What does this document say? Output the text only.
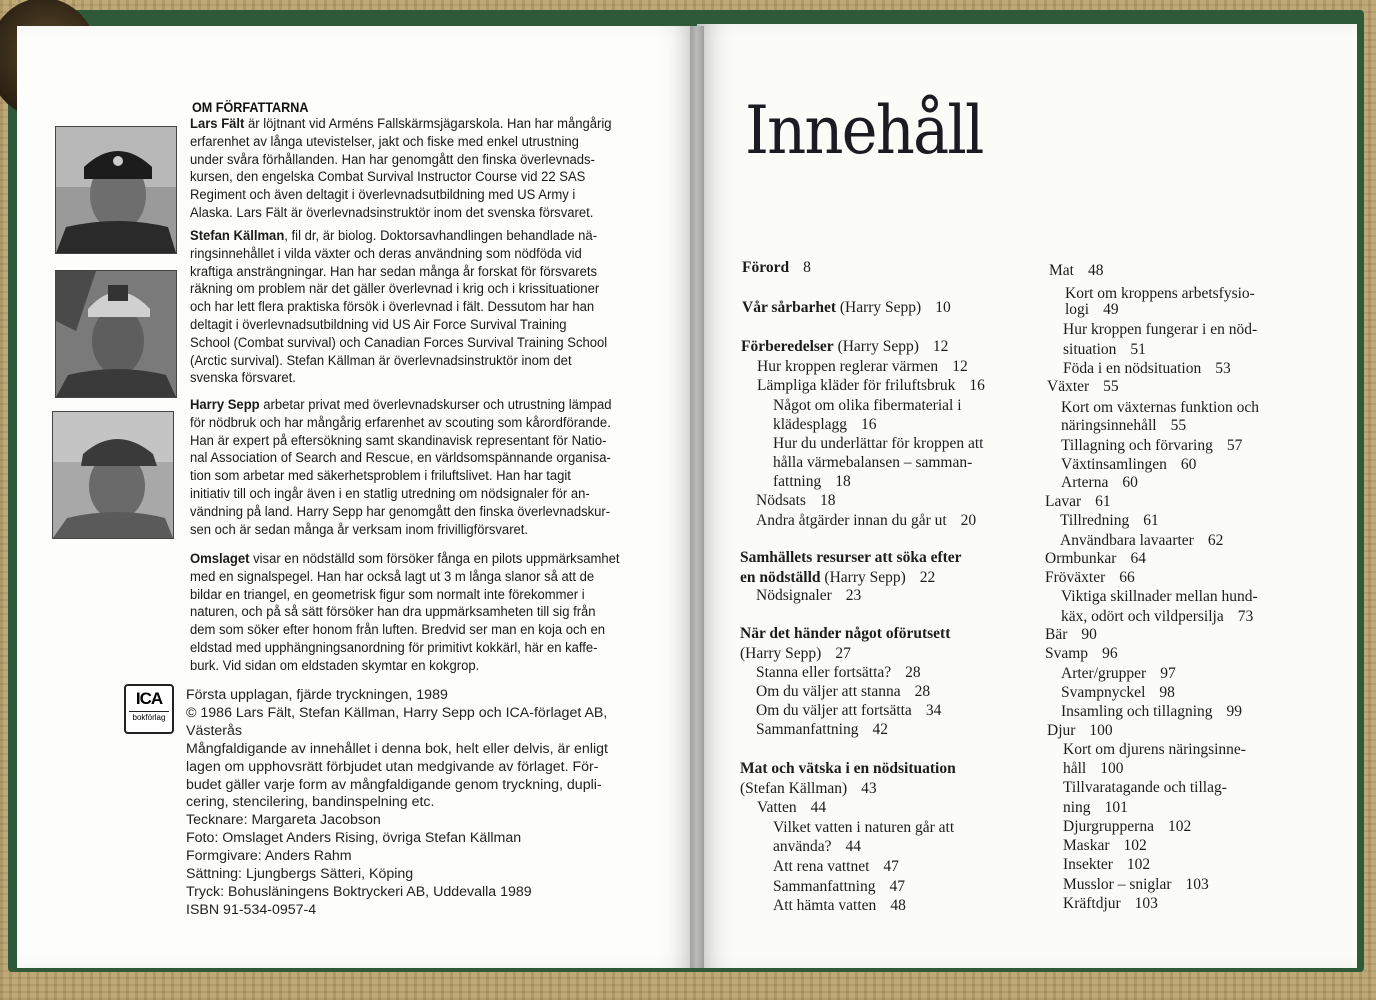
OM FÖRFATTARNA
Lars Fält är löjtnant vid Arméns Fallskärmsjägarskola. Han har mångårig
erfarenhet av långa utevistelser, jakt och fiske med enkel utrustning
under svåra förhållanden. Han har genomgått den finska överlevnads-
kursen, den engelska Combat Survival Instructor Course vid 22 SAS
Regiment och även deltagit i överlevnadsutbildning med US Army i
Alaska. Lars Fält är överlevnadsinstruktör inom det svenska försvaret.
Stefan Källman, fil dr, är biolog. Doktorsavhandlingen behandlade nä-
ringsinnehållet i vilda växter och deras användning som nödföda vid
kraftiga ansträngningar. Han har sedan många år forskat för försvarets
räkning om problem när det gäller överlevnad i krig och i krissituationer
och har lett flera praktiska försök i överlevnad i fält. Dessutom har han
deltagit i överlevnadsutbildning vid US Air Force Survival Training
School (Combat survival) och Canadian Forces Survival Training School
(Arctic survival). Stefan Källman är överlevnadsinstruktör inom det
svenska försvaret.
Harry Sepp arbetar privat med överlevnadskurser och utrustning lämpad
för nödbruk och har mångårig erfarenhet av scouting som kårordförande.
Han är expert på eftersökning samt skandinavisk representant för Natio-
nal Association of Search and Rescue, en världsomspännande organisa-
tion som arbetar med säkerhetsproblem i friluftslivet. Han har tagit
initiativ till och ingår även i en statlig utredning om nödsignaler för an-
vändning på land. Harry Sepp har genomgått den finska överlevnadskur-
sen och är sedan många år verksam inom frivilligförsvaret.
Omslaget visar en nödställd som försöker fånga en pilots uppmärksamhet
med en signalspegel. Han har också lagt ut 3 m långa slanor så att de
bildar en triangel, en geometrisk figur som normalt inte förekommer i
naturen, och på så sätt försöker han dra uppmärksamheten till sig från
dem som söker efter honom från luften. Bredvid ser man en koja och en
eldstad med upphängningsanordning för primitivt kokkärl, här en kaffe-
burk. Vid sidan om eldstaden skymtar en kokgrop.
ICA
bokförlag
Första upplagan, fjärde tryckningen, 1989
© 1986 Lars Fält, Stefan Källman, Harry Sepp och ICA-förlaget AB,
Västerås
Mångfaldigande av innehållet i denna bok, helt eller delvis, är enligt
lagen om upphovsrätt förbjudet utan medgivande av förlaget. För-
budet gäller varje form av mångfaldigande genom tryckning, dupli-
cering, stencilering, bandinspelning etc.
Tecknare: Margareta Jacobson
Foto: Omslaget Anders Rising, övriga Stefan Källman
Formgivare: Anders Rahm
Sättning: Ljungbergs Sätteri, Köping
Tryck: Bohusläningens Boktryckeri AB, Uddevalla 1989
ISBN 91-534-0957-4
Innehåll
Förord 8
Vår sårbarhet (Harry Sepp) 10
Förberedelser (Harry Sepp) 12
Hur kroppen reglerar värmen 12
Lämpliga kläder för friluftsbruk 16
Något om olika fibermaterial i
klädesplagg 16
Hur du underlättar för kroppen att
hålla värmebalansen – samman-
fattning 18
Nödsats 18
Andra åtgärder innan du går ut 20
Samhällets resurser att söka efter
en nödställd (Harry Sepp) 22
Nödsignaler 23
När det händer något oförutsett
(Harry Sepp) 27
Stanna eller fortsätta? 28
Om du väljer att stanna 28
Om du väljer att fortsätta 34
Sammanfattning 42
Mat och vätska i en nödsituation
(Stefan Källman) 43
Vatten 44
Vilket vatten i naturen går att
använda? 44
Att rena vattnet 47
Sammanfattning 47
Att hämta vatten 48
Mat 48
Kort om kroppens arbetsfysio-
logi 49
Hur kroppen fungerar i en nöd-
situation 51
Föda i en nödsituation 53
Växter 55
Kort om växternas funktion och
näringsinnehåll 55
Tillagning och förvaring 57
Växtinsamlingen 60
Arterna 60
Lavar 61
Tillredning 61
Användbara lavaarter 62
Ormbunkar 64
Fröväxter 66
Viktiga skillnader mellan hund-
käx, odört och vildpersilja 73
Bär 90
Svamp 96
Arter/grupper 97
Svampnyckel 98
Insamling och tillagning 99
Djur 100
Kort om djurens näringsinne-
håll 100
Tillvaratagande och tillag-
ning 101
Djurgrupperna 102
Maskar 102
Insekter 102
Musslor – sniglar 103
Kräftdjur 103
